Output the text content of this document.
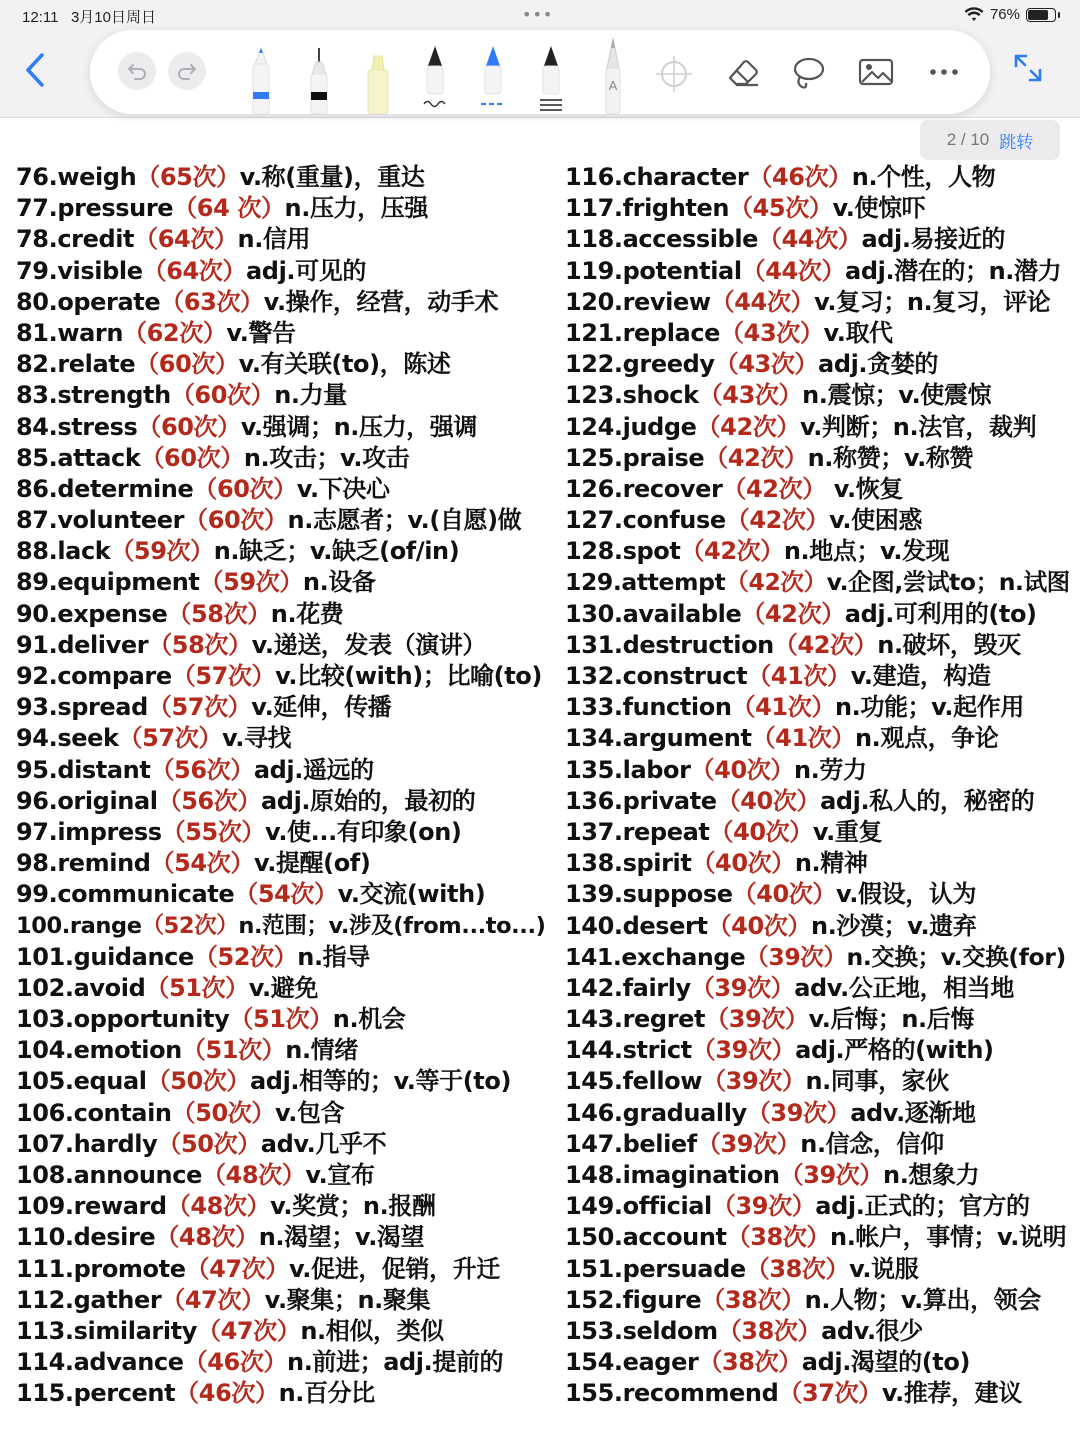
12:11 3月10日周日	•••	76%
A
2 / 10 跳转
76.weigh（65次）v.称(重量)，重达
77.pressure（64 次）n.压力，压强
78.credit（64次）n.信用
79.visible（64次）adj.可见的
80.operate（63次）v.操作，经营，动手术
81.warn（62次）v.警告
82.relate（60次）v.有关联(to)，陈述
83.strength（60次）n.力量
84.stress（60次）v.强调；n.压力，强调
85.attack（60次）n.攻击；v.攻击
86.determine（60次）v.下决心
87.volunteer（60次）n.志愿者；v.(自愿)做
88.lack（59次）n.缺乏；v.缺乏(of/in)
89.equipment（59次）n.设备
90.expense（58次）n.花费
91.deliver（58次）v.递送，发表（演讲）
92.compare（57次）v.比较(with)；比喻(to)
93.spread（57次）v.延伸，传播
94.seek（57次）v.寻找
95.distant（56次）adj.遥远的
96.original（56次）adj.原始的，最初的
97.impress（55次）v.使...有印象(on)
98.remind（54次）v.提醒(of)
99.communicate（54次）v.交流(with)
100.range（52次）n.范围；v.涉及(from...to...)
101.guidance（52次）n.指导
102.avoid（51次）v.避免
103.opportunity（51次）n.机会
104.emotion（51次）n.情绪
105.equal（50次）adj.相等的；v.等于(to)
106.contain（50次）v.包含
107.hardly（50次）adv.几乎不
108.announce（48次）v.宣布
109.reward（48次）v.奖赏；n.报酬
110.desire（48次）n.渴望；v.渴望
111.promote（47次）v.促进，促销，升迁
112.gather（47次）v.聚集；n.聚集
113.similarity（47次）n.相似，类似
114.advance（46次）n.前进；adj.提前的
115.percent（46次）n.百分比
116.character（46次）n.个性，人物
117.frighten（45次）v.使惊吓
118.accessible（44次）adj.易接近的
119.potential（44次）adj.潜在的；n.潜力
120.review（44次）v.复习；n.复习，评论
121.replace（43次）v.取代
122.greedy（43次）adj.贪婪的
123.shock（43次）n.震惊；v.使震惊
124.judge（42次）v.判断；n.法官，裁判
125.praise（42次）n.称赞；v.称赞
126.recover（42次） v.恢复
127.confuse（42次）v.使困惑
128.spot（42次）n.地点；v.发现
129.attempt（42次）v.企图,尝试to；n.试图
130.available（42次）adj.可利用的(to)
131.destruction（42次）n.破坏，毁灭
132.construct（41次）v.建造，构造
133.function（41次）n.功能；v.起作用
134.argument（41次）n.观点，争论
135.labor（40次）n.劳力
136.private（40次）adj.私人的，秘密的
137.repeat（40次）v.重复
138.spirit（40次）n.精神
139.suppose（40次）v.假设，认为
140.desert（40次）n.沙漠；v.遗弃
141.exchange（39次）n.交换；v.交换(for)
142.fairly（39次）adv.公正地，相当地
143.regret（39次）v.后悔；n.后悔
144.strict（39次）adj.严格的(with)
145.fellow（39次）n.同事，家伙
146.gradually（39次）adv.逐渐地
147.belief（39次）n.信念，信仰
148.imagination（39次）n.想象力
149.official（39次）adj.正式的；官方的
150.account（38次）n.帐户，事情；v.说明
151.persuade（38次）v.说服
152.figure（38次）n.人物；v.算出，领会
153.seldom（38次）adv.很少
154.eager（38次）adj.渴望的(to)
155.recommend（37次）v.推荐，建议
